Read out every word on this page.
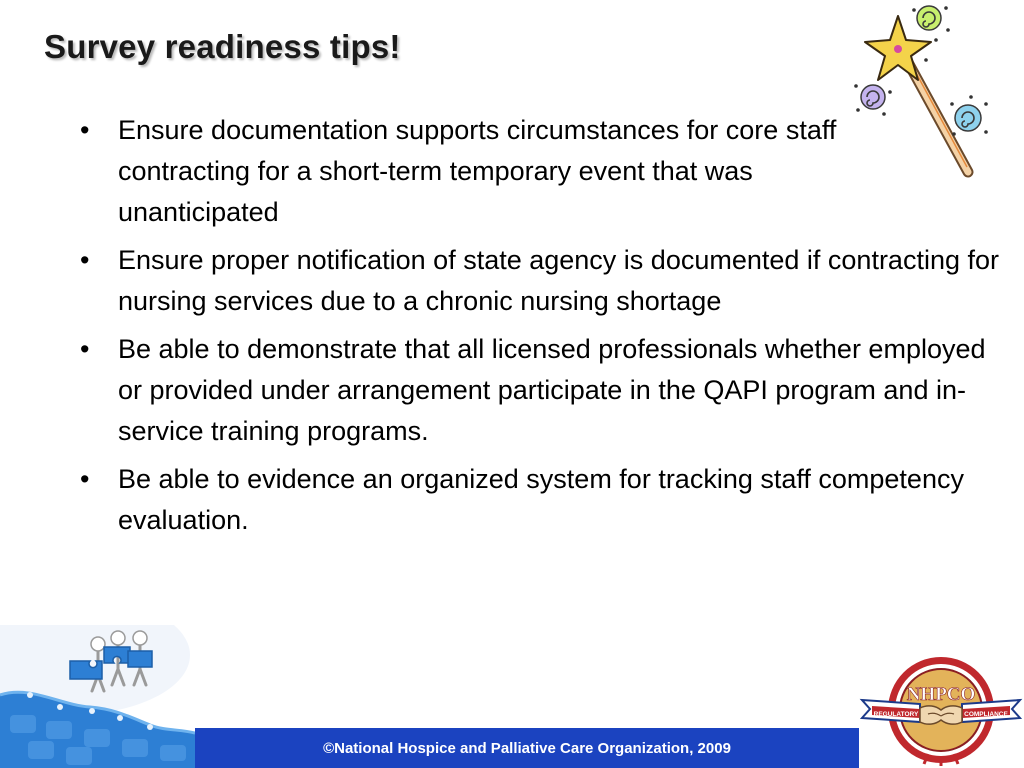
Survey readiness tips!
• Ensure documentation supports circumstances for core staff contracting for a short-term temporary event that was unanticipated
• Ensure proper notification of state agency is documented if contracting for nursing services due to a chronic nursing shortage
• Be able to demonstrate that all licensed professionals whether employed or provided under arrangement participate in the QAPI program and in-service training programs.
• Be able to evidence an organized system for tracking staff competency evaluation.
©National Hospice and Palliative Care Organization, 2009
NHPCO
REGULATORY	COMPLIANCE
